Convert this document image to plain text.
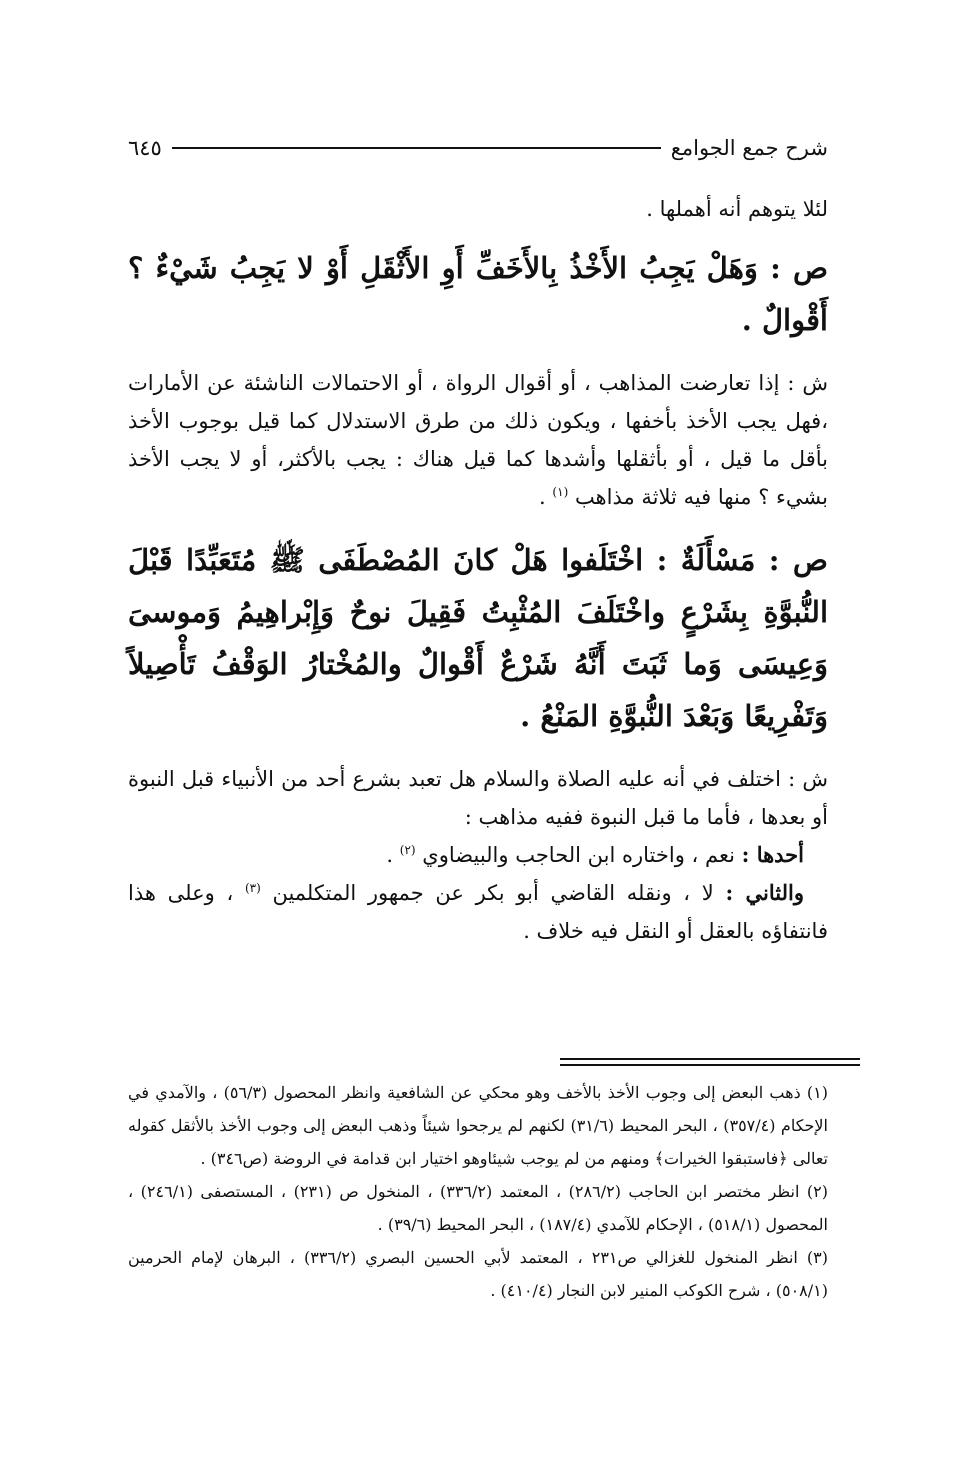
شرح جمع الجوامع
٦٤٥

لئلا يتوهم أنه أهملها .

ص : وَهَلْ يَجِبُ الأَخْذُ بِالأَخَفِّ أَوِ الأَثْقَلِ أَوْ لا يَجِبُ شَيْءٌ ؟ أَقْوالٌ .

ش : إذا تعارضت المذاهب ، أو أقوال الرواة ، أو الاحتمالات الناشئة عن الأمارات ،فهل يجب الأخذ بأخفها ، ويكون ذلك من طرق الاستدلال كما قيل بوجوب الأخذ بأقل ما قيل ، أو بأثقلها وأشدها كما قيل هناك : يجب بالأكثر، أو لا يجب الأخذ بشيء ؟ منها فيه ثلاثة مذاهب $^{(١)}$ .

ص : مَسْأَلَةٌ : اخْتَلَفوا هَلْ كانَ المُصْطَفَى ﷺ مُتَعَبِّدًا قَبْلَ النُّبوَّةِ بِشَرْعٍ واخْتَلَفَ المُثْبِتُ فَقِيلَ نوحٌ وَإِبْراهِيمُ وَموسىَ وَعِيسَى وَما ثَبَتَ أَنَّهُ شَرْعٌ أَقْوالٌ والمُخْتارُ الوَقْفُ تَأْصِيلاً وَتَفْرِيعًا وَبَعْدَ النُّبوَّةِ المَنْعُ .

ش : اختلف في أنه عليه الصلاة والسلام هل تعبد بشرع أحد من الأنبياء قبل النبوة أو بعدها ، فأما ما قبل النبوة ففيه مذاهب :

أحدها : نعم ، واختاره ابن الحاجب والبيضاوي $^{(٢)}$ .

والثاني : لا ، ونقله القاضي أبو بكر عن جمهور المتكلمين $^{(٣)}$ ، وعلى هذا فانتفاؤه بالعقل أو النقل فيه خلاف .

(١) ذهب البعض إلى وجوب الأخذ بالأخف وهو محكي عن الشافعية وانظر المحصول (٥٦/٣) ، والآمدي في الإحكام (٣٥٧/٤) ، البحر المحيط (٣١/٦) لكنهم لم يرجحوا شيئاً وذهب البعض إلى وجوب الأخذ بالأثقل كقوله تعالى ﴿فاستبقوا الخيرات﴾ ومنهم من لم يوجب شيئاوهو اختيار ابن قدامة في الروضة (ص٣٤٦) .

(٢) انظر مختصر ابن الحاجب (٢٨٦/٢) ، المعتمد (٣٣٦/٢) ، المنخول ص (٢٣١) ، المستصفى (٢٤٦/١) ، المحصول (٥١٨/١) ، الإحكام للآمدي (١٨٧/٤) ، البحر المحيط (٣٩/٦) .

(٣) انظر المنخول للغزالي ص٢٣١ ، المعتمد لأبي الحسين البصري (٣٣٦/٢) ، البرهان لإمام الحرمين (٥٠٨/١) ، شرح الكوكب المنير لابن النجار (٤١٠/٤) .
